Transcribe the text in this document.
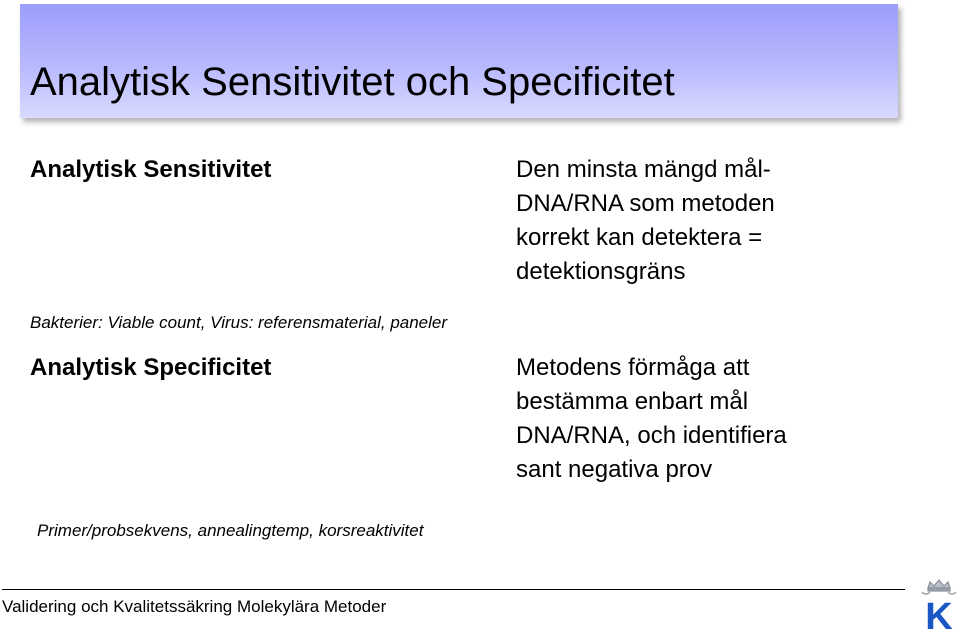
Analytisk Sensitivitet och Specificitet
Analytisk Sensitivitet	Den minsta mängd mål-
DNA/RNA som metoden
korrekt kan detektera =
detektionsgräns
Bakterier: Viable count, Virus: referensmaterial, paneler
Analytisk Specificitet	Metodens förmåga att
bestämma enbart mål
DNA/RNA, och identifiera
sant negativa prov
Primer/probsekvens, annealingtemp, korsreaktivitet
Validering och Kvalitetssäkring Molekylära Metoder	K
